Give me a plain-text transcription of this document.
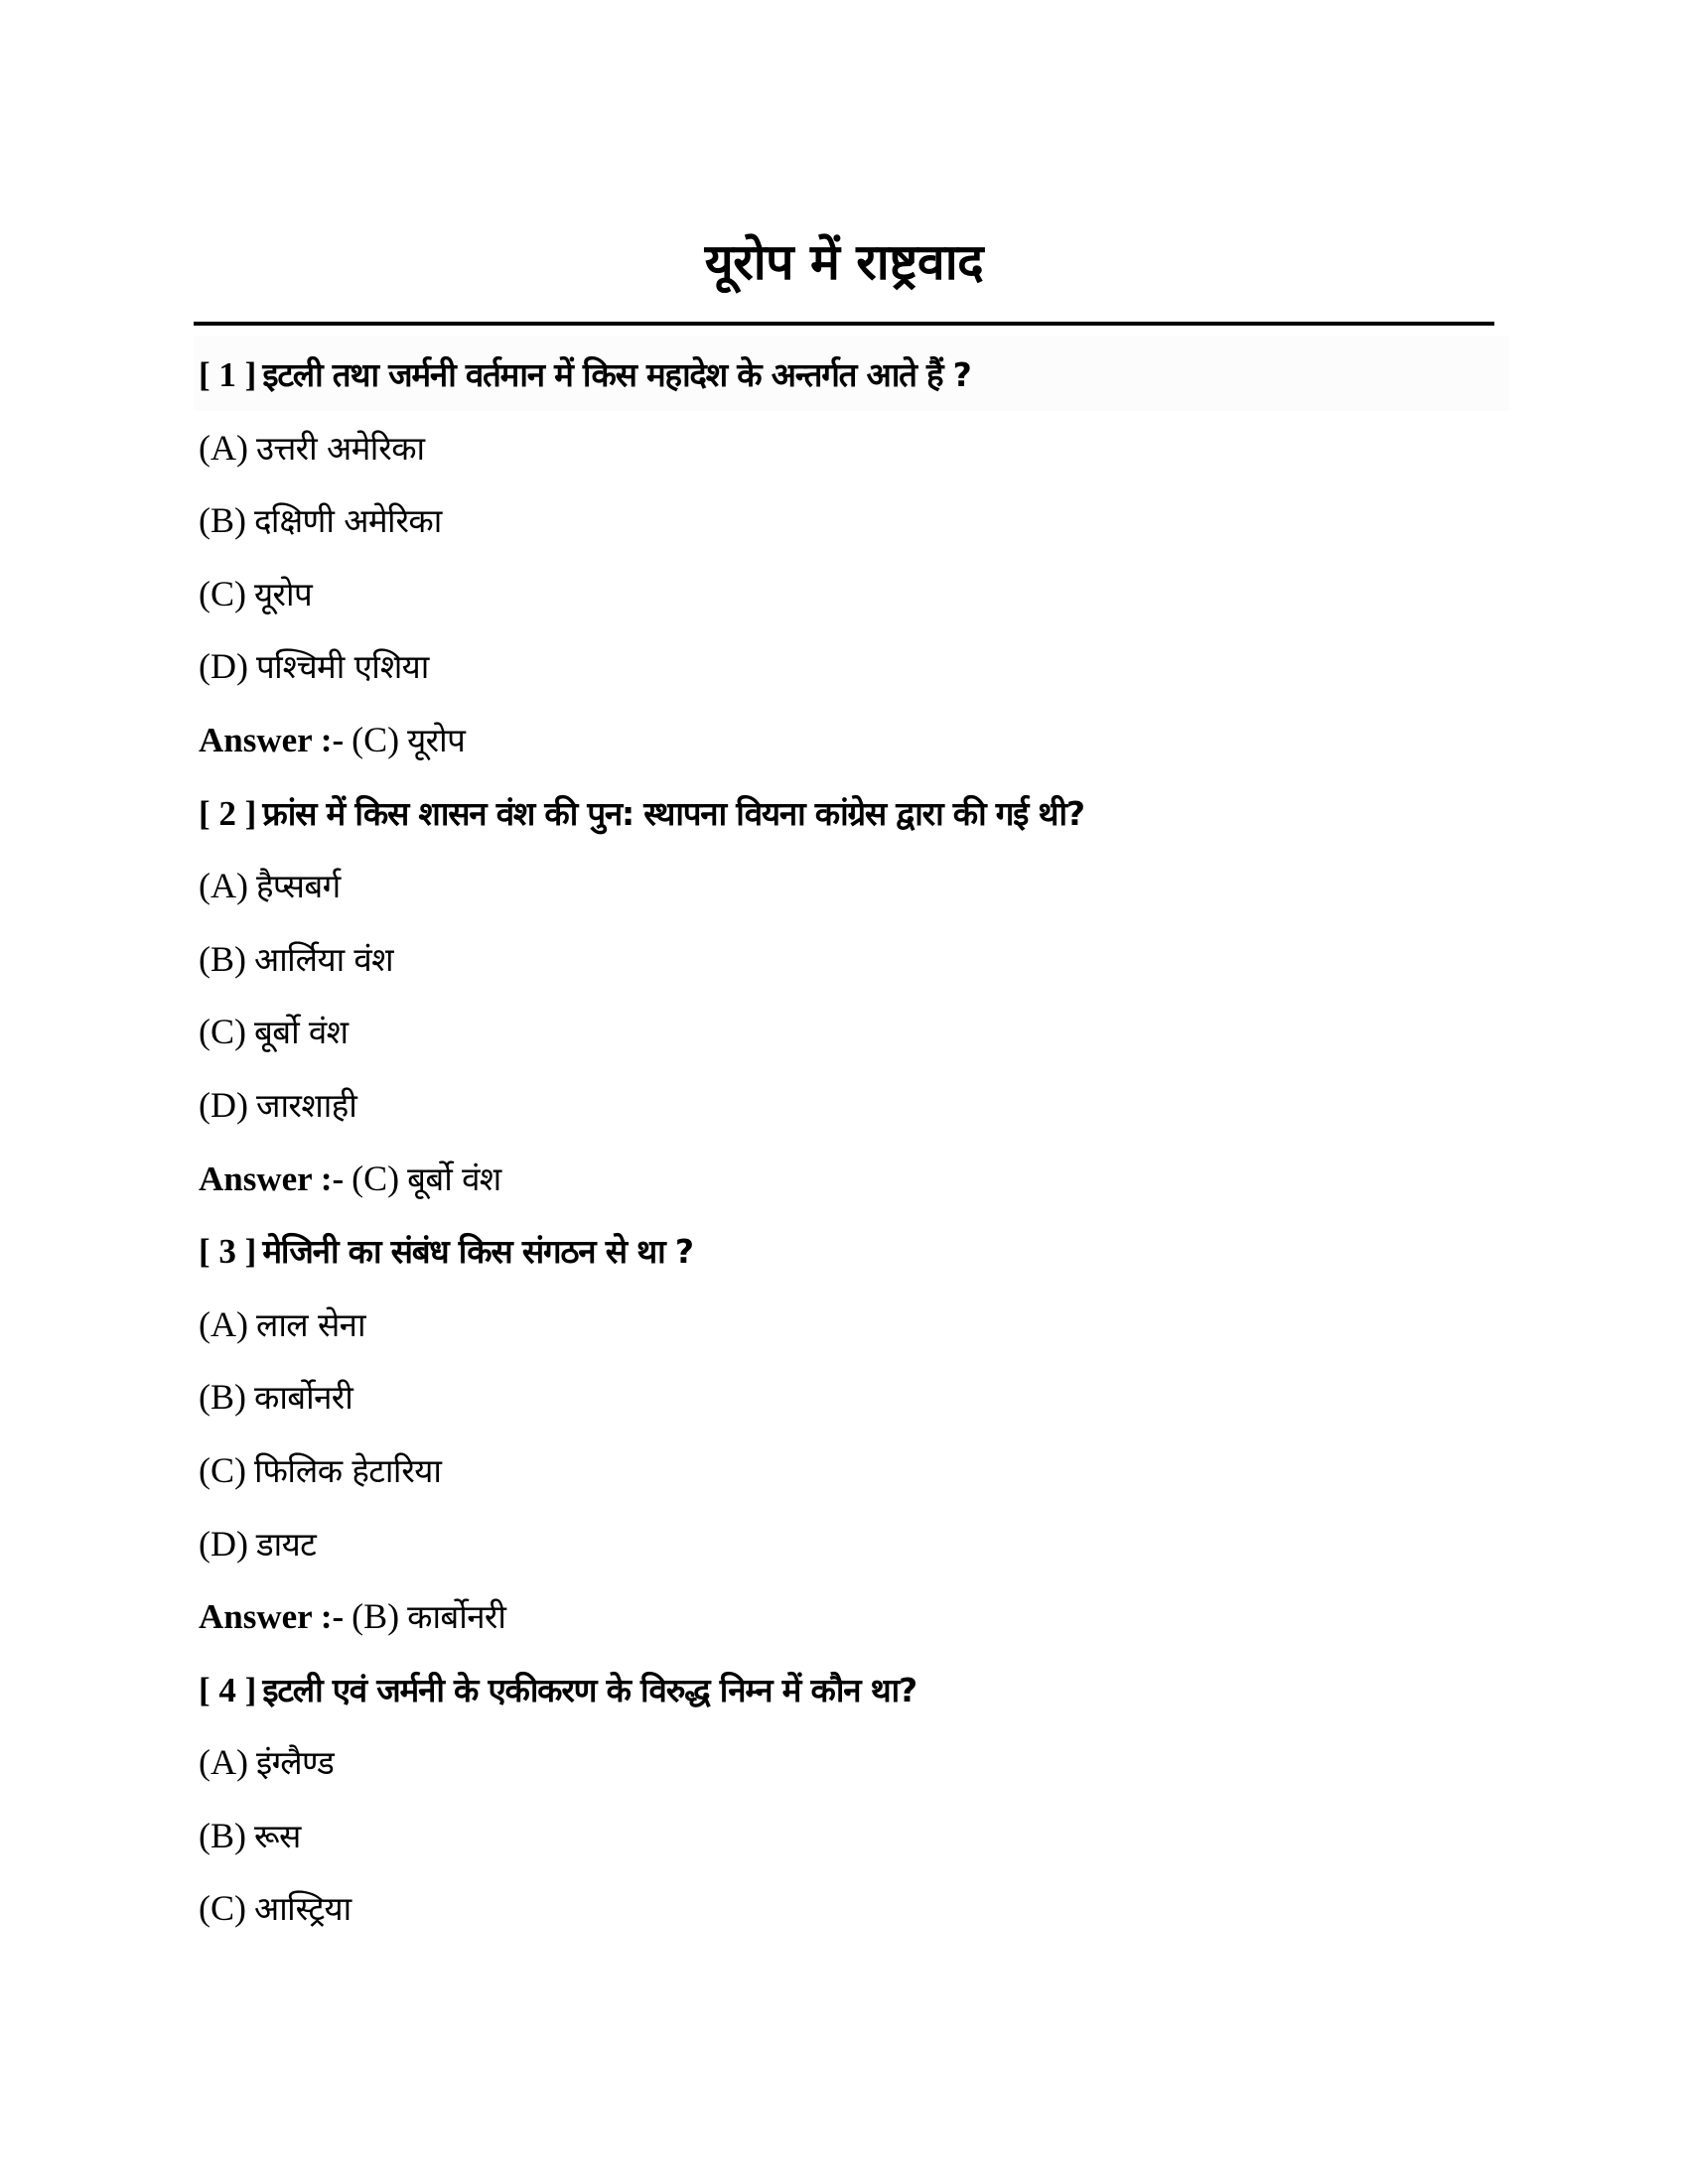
यूरोप में राष्ट्रवाद
[ 1 ] इटली तथा जर्मनी वर्तमान में किस महादेश के अन्तर्गत आते हैं ?
(A) उत्तरी अमेरिका
(B) दक्षिणी अमेरिका
(C) यूरोप
(D) पश्चिमी एशिया
Answer :- (C) यूरोप
[ 2 ] फ्रांस में किस शासन वंश की पुन: स्थापना वियना कांग्रेस द्वारा की गई थी?
(A) हैप्सबर्ग
(B) आर्लिया वंश
(C) बूर्बो वंश
(D) जारशाही
Answer :- (C) बूर्बो वंश
[ 3 ] मेजिनी का संबंध किस संगठन से था ?
(A) लाल सेना
(B) कार्बोनरी
(C) फिलिक हेटारिया
(D) डायट
Answer :- (B) कार्बोनरी
[ 4 ] इटली एवं जर्मनी के एकीकरण के विरुद्ध निम्न में कौन था?
(A) इंग्लैण्ड
(B) रूस
(C) आस्ट्रिया
